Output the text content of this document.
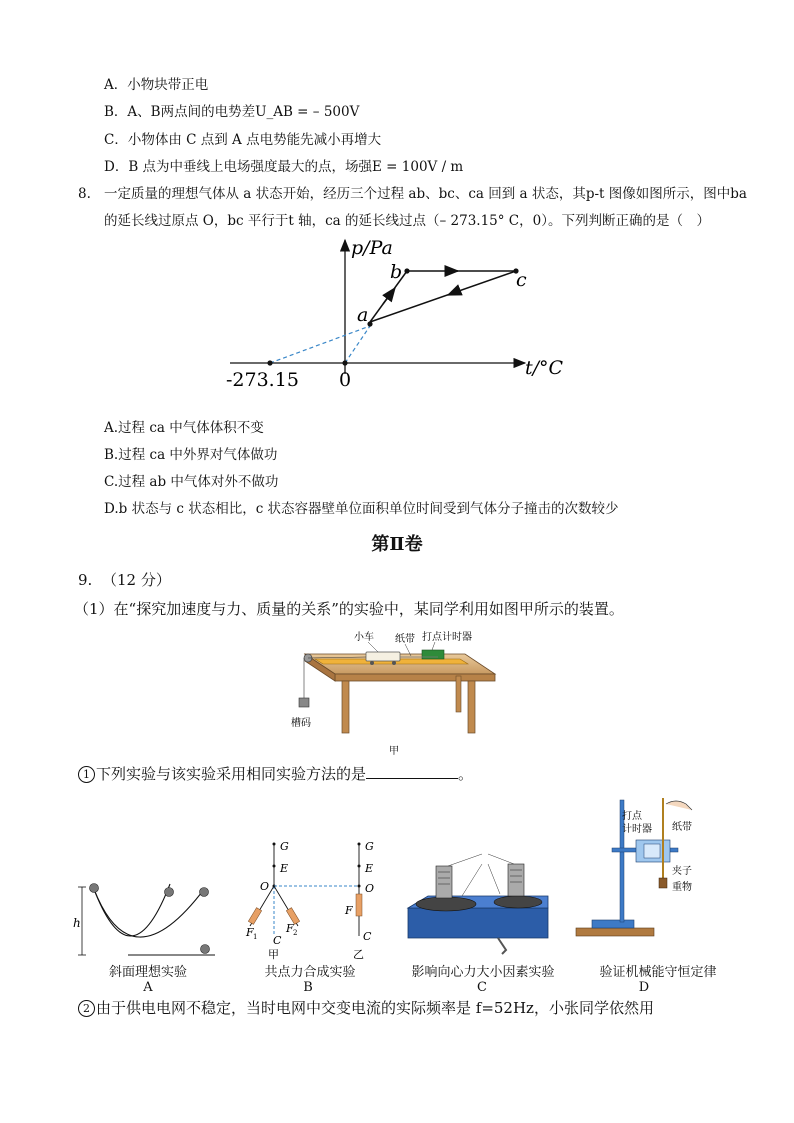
A．小物块带正电
B．A、B两点间的电势差U_AB = – 500V
C．小物体由 C 点到 A 点电势能先减小再增大
D．B 点为中垂线上电场强度最大的点，场强E = 100V / m
8. 一定质量的理想气体从 a 状态开始，经历三个过程 ab、bc、ca 回到 a 状态，其p-t 图像如图所示，图中ba
的延长线过原点 O，bc 平行于t 轴，ca 的延长线过点（– 273.15° C，0）。下列判断正确的是（　）
p/Pa
t/°C
-273.15 0
a
b	c
A.过程 ca 中气体体积不变
B.过程 ca 中外界对气体做功
C.过程 ab 中气体对外不做功
D.b 状态与 c 状态相比，c 状态容器壁单位面积单位时间受到气体分子撞击的次数较少
第Ⅱ卷
9. （12 分）
（1）在“探究加速度与力、质量的关系”的实验中，某同学利用如图甲所示的装置。
小车 纸带 打点计时器
槽码
甲
1 下列实验与该实验采用相同实验方法的是	。
h
斜面理想实验
A
G
E
O
F 1
F 2
C
甲
G
E
O
F
C
乙
共点力合成实验
B
影响向心力大小因素实验
C
打点
计时器 纸带
夹子
重物
验证机械能守恒定律
D
2 由于供电电网不稳定，当时电网中交变电流的实际频率是 f=52Hz，小张同学依然用
